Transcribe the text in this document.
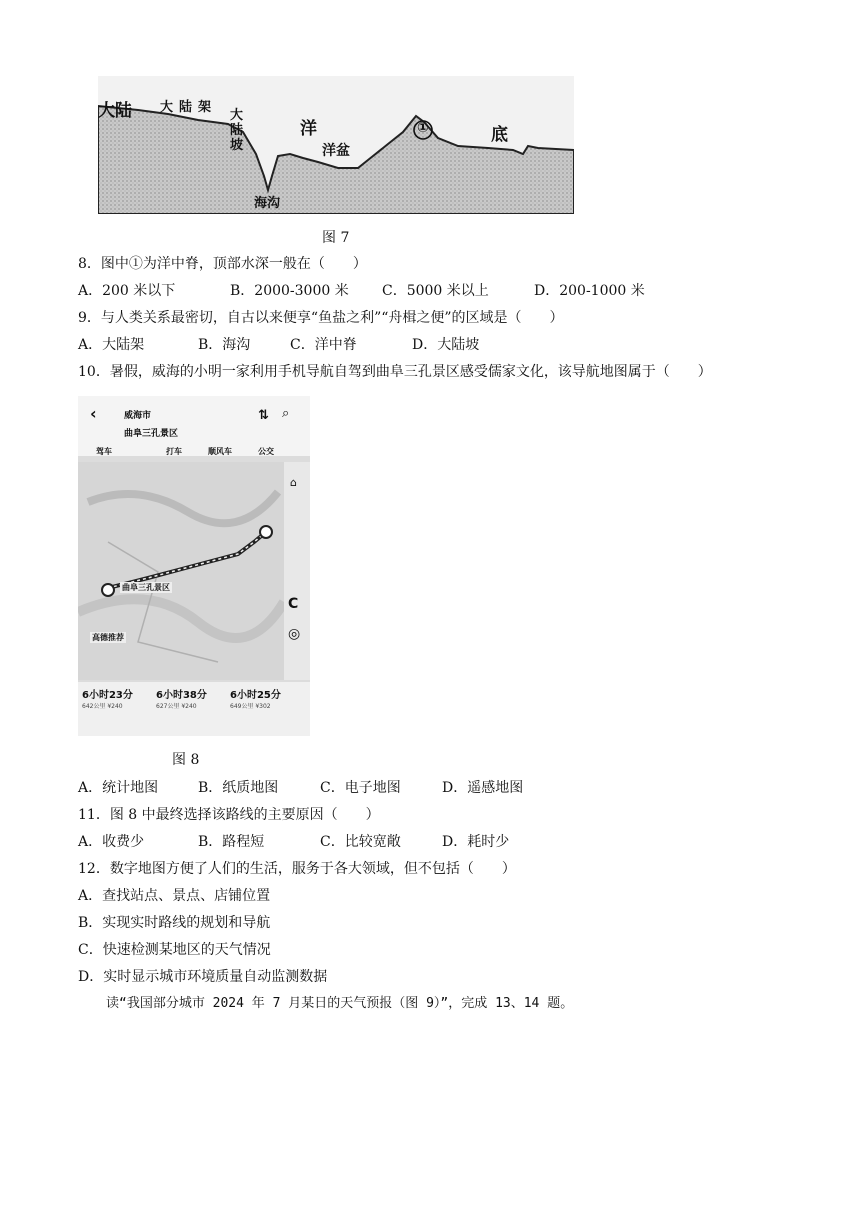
大陆 大陆架
大陆坡
洋
洋盆
海沟
①	底
图 7
8．图中①为洋中脊，顶部水深一般在（　　）
A．200 米以下	B．2000-3000 米 C．5000 米以上	D．200-1000 米
9．与人类关系最密切，自古以来便享“鱼盐之利”“舟楫之便”的区域是（　　）
A．大陆架	B．海沟	C．洋中脊	D．大陆坡
10．暑假，威海的小明一家利用手机导航自驾到曲阜三孔景区感受儒家文化，该导航地图属于（　　）
‹	威海市
曲阜三孔景区
⇅ ⌕
驾车	打车	顺风车	公交
曲阜三孔景区
高德推荐
⌂
C
◎
6小时23分
642公里 ¥240
6小时38分
627公里 ¥240
6小时25分
649公里 ¥302
图 8
A．统计地图	B．纸质地图	C．电子地图	D．遥感地图
11．图 8 中最终选择该路线的主要原因（　　）
A．收费少	B．路程短	C．比较宽敞	D．耗时少
12．数字地图方便了人们的生活，服务于各大领域，但不包括（　　）
A．查找站点、景点、店铺位置
B．实现实时路线的规划和导航
C．快速检测某地区的天气情况
D．实时显示城市环境质量自动监测数据
读“我国部分城市 2024 年 7 月某日的天气预报（图 9）”，完成 13、14 题。
